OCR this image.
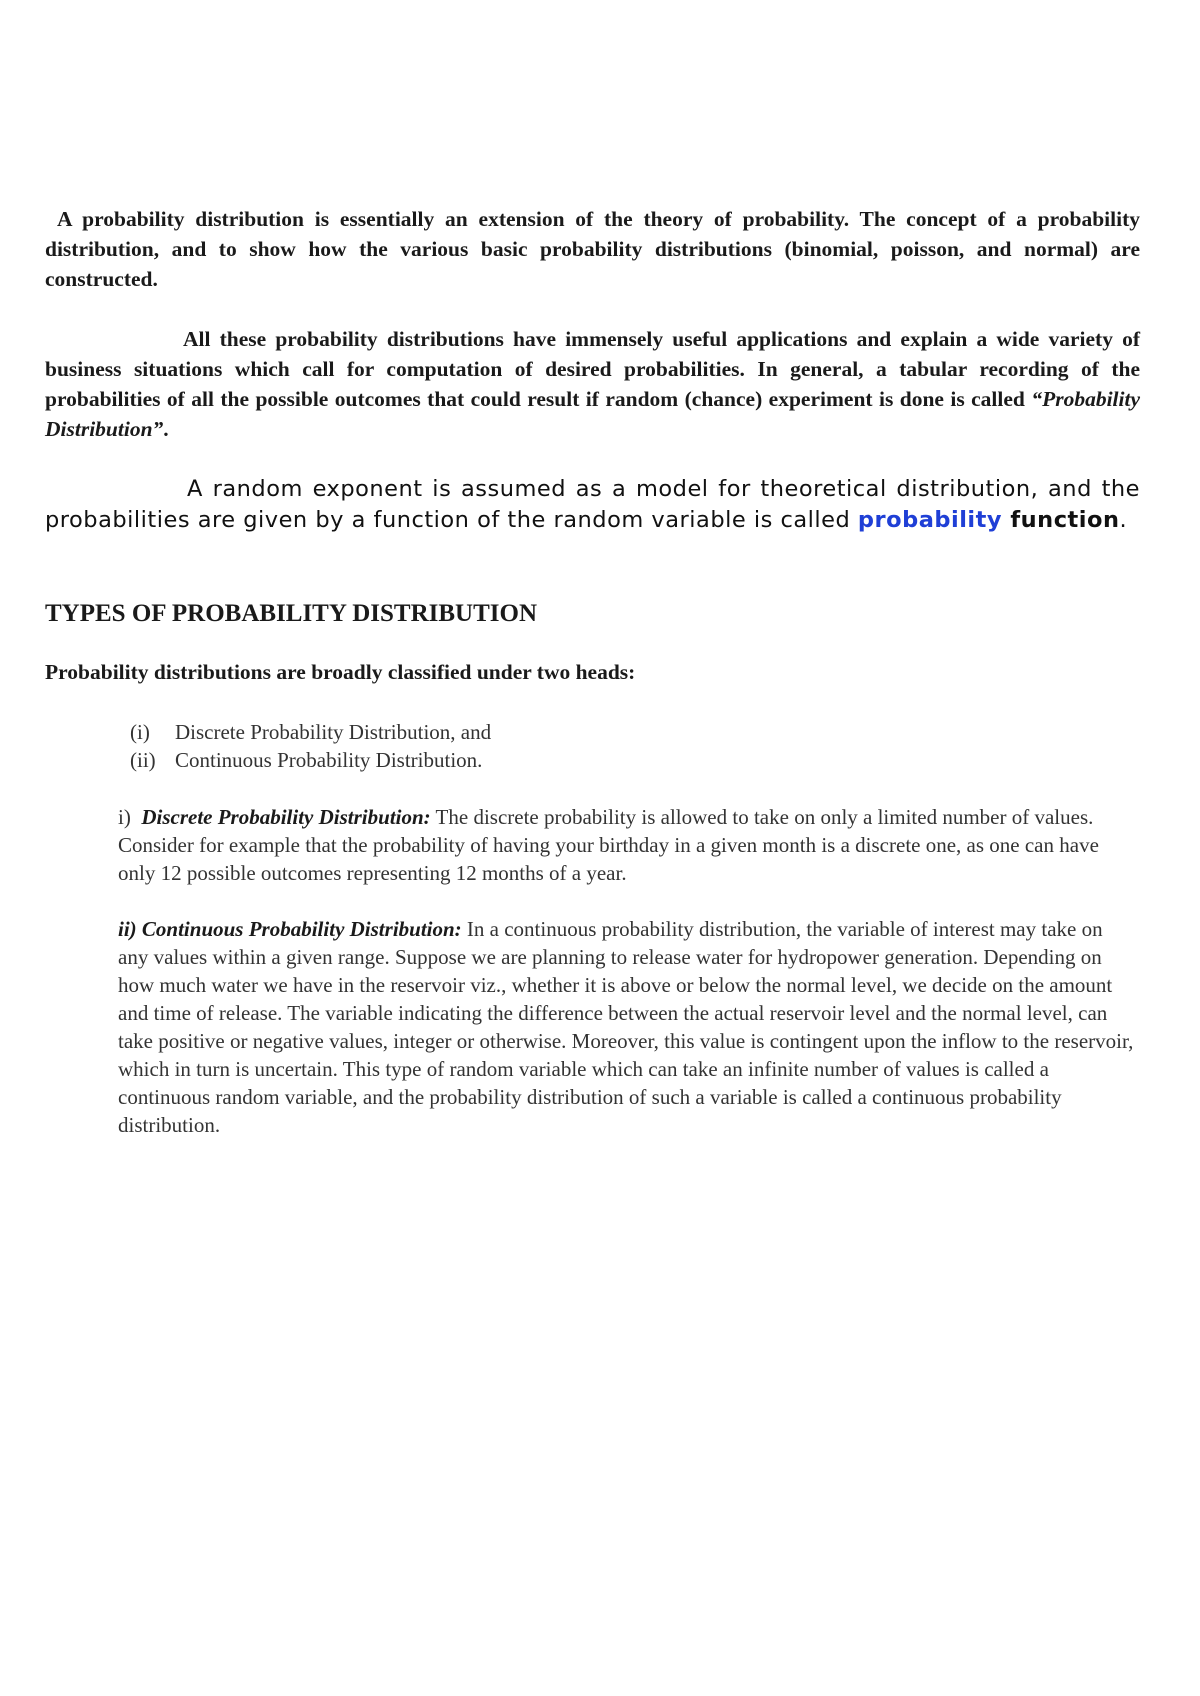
A probability distribution is essentially an extension of the theory of probability. The concept of a probability distribution, and to show how the various basic probability distributions (binomial, poisson, and normal) are constructed.
All these probability distributions have immensely useful applications and explain a wide variety of business situations which call for computation of desired probabilities. In general, a tabular recording of the probabilities of all the possible outcomes that could result if random (chance) experiment is done is called “Probability Distribution”.
A random exponent is assumed as a model for theoretical distribution, and the probabilities are given by a function of the random variable is called probability function.
TYPES OF PROBABILITY DISTRIBUTION
Probability distributions are broadly classified under two heads:
(i)	Discrete Probability Distribution, and
(ii) Continuous Probability Distribution.
i) Discrete Probability Distribution: The discrete probability is allowed to take on only a limited number of values. Consider for example that the probability of having your birthday in a given month is a discrete one, as one can have only 12 possible outcomes representing 12 months of a year.
ii) Continuous Probability Distribution: In a continuous probability distribution, the variable of interest may take on any values within a given range. Suppose we are planning to release water for hydropower generation. Depending on how much water we have in the reservoir viz., whether it is above or below the normal level, we decide on the amount and time of release. The variable indicating the difference between the actual reservoir level and the normal level, can take positive or negative values, integer or otherwise. Moreover, this value is contingent upon the inflow to the reservoir, which in turn is uncertain. This type of random variable which can take an infinite number of values is called a continuous random variable, and the probability distribution of such a variable is called a continuous probability distribution.
